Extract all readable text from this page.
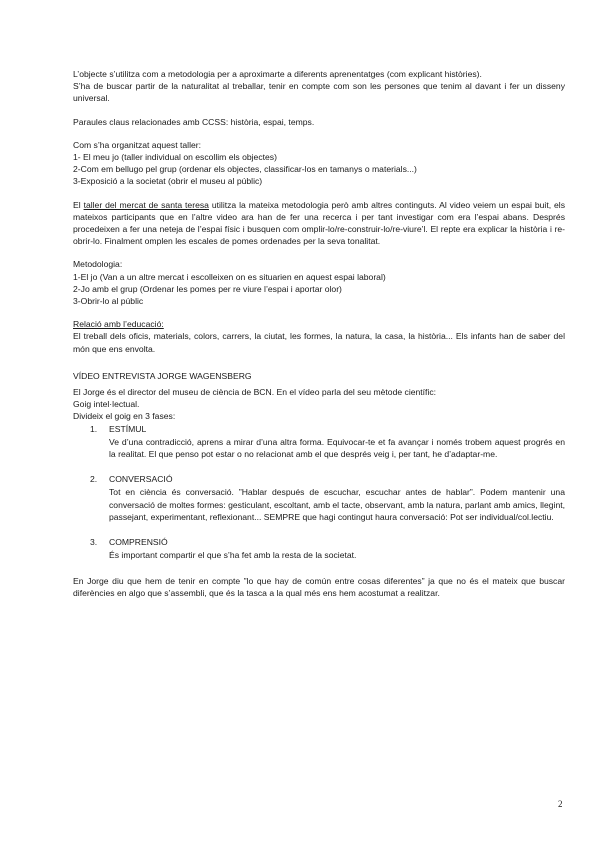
L’objecte s’utilitza com a metodologia per a aproximarte a diferents aprenentatges (com explicant històries).

S’ha de buscar partir de la naturalitat al treballar, tenir en compte com son les persones que tenim al davant i fer un disseny universal.

Paraules claus relacionades amb CCSS: història, espai, temps.

Com s’ha organitzat aquest taller:

1- El meu jo (taller individual on escollim els objectes)

2-Com em bellugo pel grup (ordenar els objectes, classificar-los en tamanys o materials...)

3-Exposició a la societat (obrir el museu al públic)

El taller del mercat de santa teresa utilitza la mateixa metodologia però amb altres continguts. Al video veiem un espai buit, els mateixos participants que en l’altre video ara han de fer una recerca i per tant investigar com era l’espai abans. Després procedeixen a fer una neteja de l’espai físic i busquen com omplir-lo/re-construir-lo/re-viure’l. El repte era explicar la història i re-obrir-lo. Finalment omplen les escales de pomes ordenades per la seva tonalitat.

Metodologia:

1-El jo (Van a un altre mercat i escolleixen on es situarien en aquest espai laboral)

2-Jo amb el grup (Ordenar les pomes per re viure l’espai i aportar olor)

3-Obrir-lo al públic

Relació amb l’educació:

El treball dels oficis, materials, colors, carrers, la ciutat, les formes, la natura, la casa, la història... Els infants han de saber del món que ens envolta.

VÍDEO ENTREVISTA JORGE WAGENSBERG

El Jorge és el director del museu de ciència de BCN. En el vídeo parla del seu mètode científic:

Goig intel·lectual.

Divideix el goig en 3 fases:

1. ESTÍMUL

Ve d’una contradicció, aprens a mirar d’una altra forma. Equivocar-te et fa avançar i només trobem aquest progrés en la realitat. El que penso pot estar o no relacionat amb el que després veig i, per tant, he d’adaptar-me.

2. CONVERSACIÓ

Tot en ciència és conversació. ”Hablar después de escuchar, escuchar antes de hablar”. Podem mantenir una conversació de moltes formes: gesticulant, escoltant, amb el tacte, observant, amb la natura, parlant amb amics, llegint, passejant, experimentant, reflexionant... SEMPRE que hagi contingut haura conversació: Pot ser individual/col.lectiu.

3. COMPRENSIÓ

És important compartir el que s’ha fet amb la resta de la societat.

En Jorge diu que hem de tenir en compte ”lo que hay de común entre cosas diferentes” ja que no és el mateix que buscar diferències en algo que s’assembli, que és la tasca a la qual més ens hem acostumat a realitzar.

2
